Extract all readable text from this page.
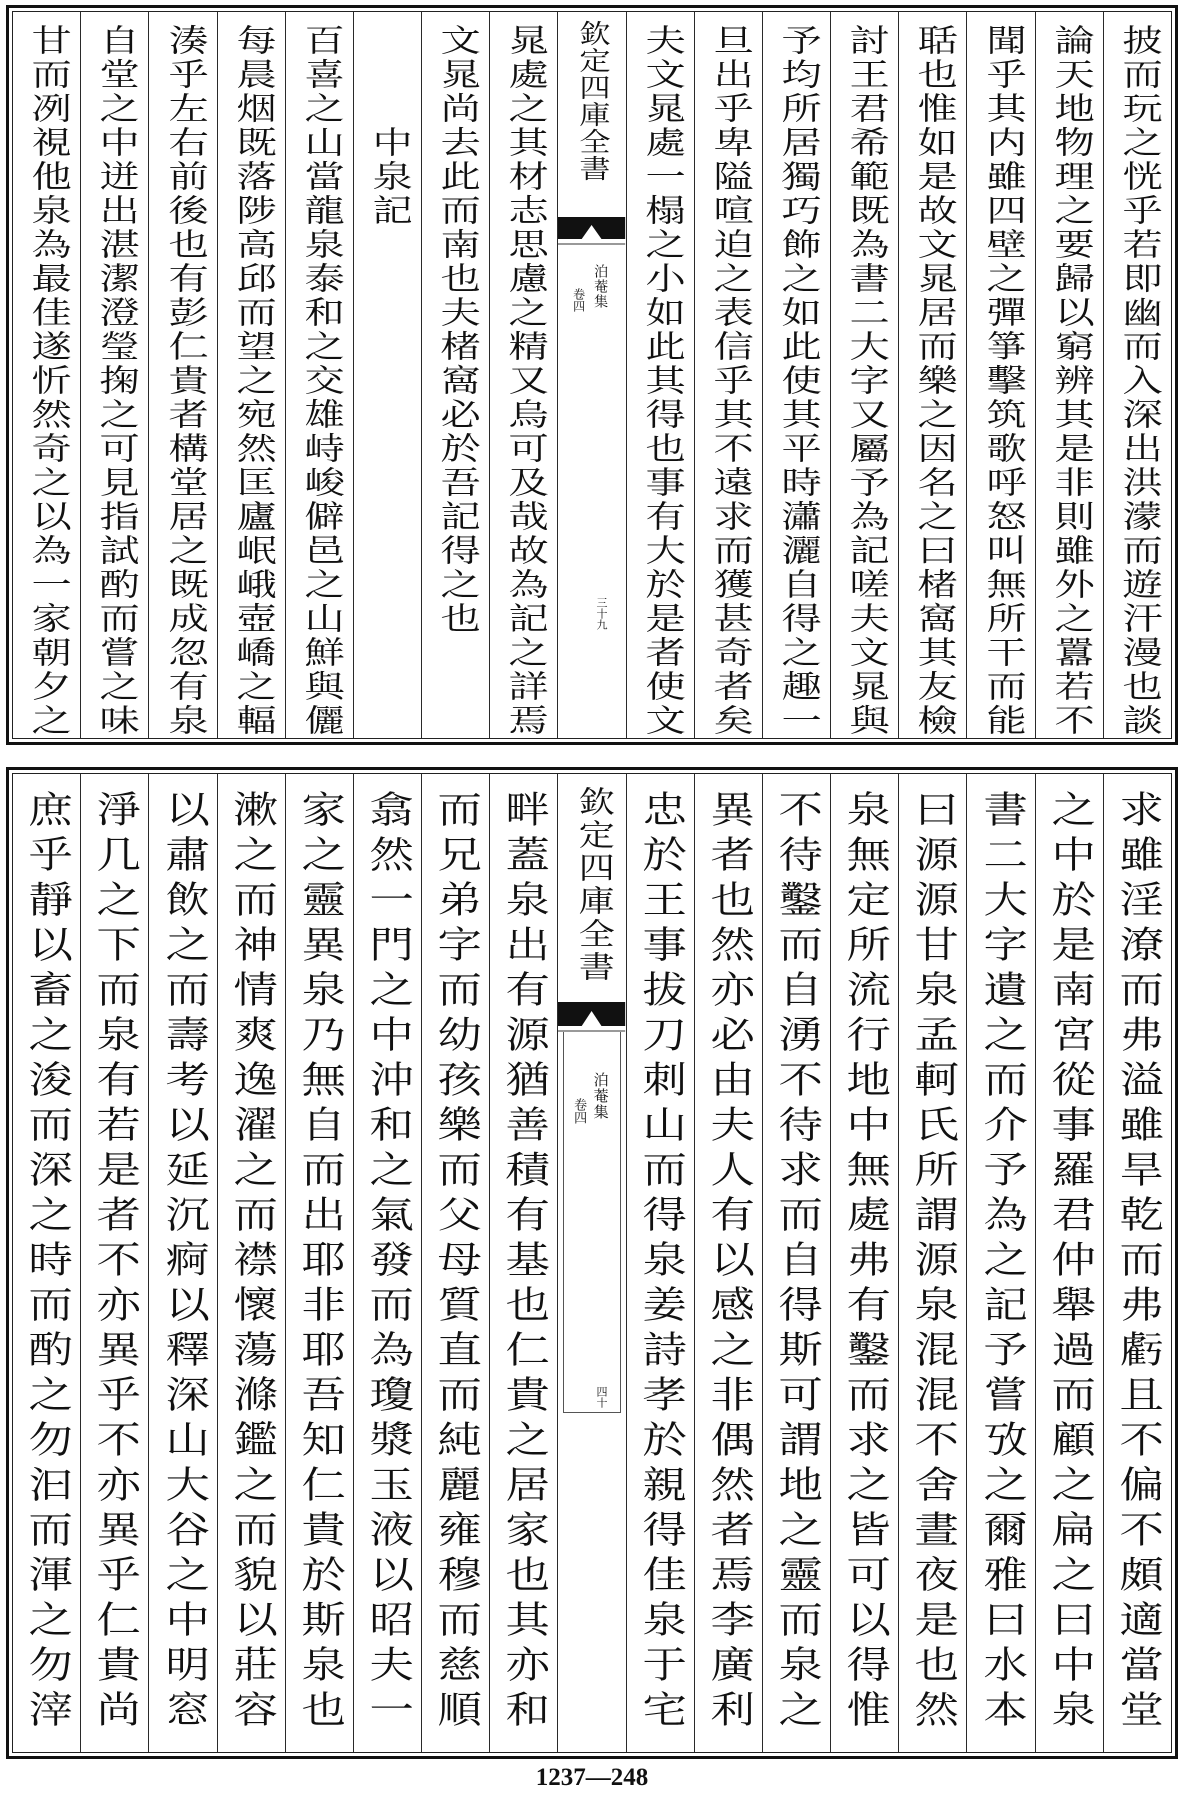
披而玩之恍乎若即幽而入深出洪濛而遊汗漫也談
論天地物理之要歸以窮辨其是非則雖外之囂若不
聞乎其内雖四壁之彈箏擊筑歌呼怒叫無所干而能
聒也惟如是故文晁居而樂之因名之曰楮窩其友檢
討王君希範既為書二大字又屬予為記嗟夫文晁與
予均所居獨巧飾之如此使其平時瀟灑自得之趣一
旦出乎卑隘喧迫之表信乎其不遠求而獲甚奇者矣
夫文晁處一榻之小如此其得也事有大於是者使文
欽定四庫全書
泊菴集
卷四
三十九
晁處之其材志思慮之精又烏可及哉故為記之詳焉
文晁尚去此而南也夫楮窩必於吾記得之也
中泉記
百喜之山當龍泉泰和之交雄峙峻僻邑之山鮮與儷
每晨烟既落陟高邱而望之宛然匡廬岷峨壺嶠之輻
湊乎左右前後也有彭仁貴者構堂居之既成忽有泉
自堂之中迸出湛潔澄瑩掬之可見指試酌而嘗之味
甘而冽視他泉為最佳遂忻然奇之以為一家朝夕之
求雖淫潦而弗溢雖旱乾而弗虧且不偏不頗適當堂
之中於是南宮從事羅君仲舉過而顧之扁之曰中泉
書二大字遺之而介予為之記予嘗攷之爾雅曰水本
曰源源甘泉孟軻氏所謂源泉混混不舍晝夜是也然
泉無定所流行地中無處弗有鑿而求之皆可以得惟
不待鑿而自湧不待求而自得斯可謂地之靈而泉之
異者也然亦必由夫人有以感之非偶然者焉李廣利
忠於王事拔刀刺山而得泉姜詩孝於親得佳泉于宅
欽定四庫全書
泊菴集
卷四
四十
畔蓋泉出有源猶善積有基也仁貴之居家也其亦和
而兄弟字而幼孩樂而父母質直而純麗雍穆而慈順
翕然一門之中沖和之氣發而為瓊漿玉液以昭夫一
家之靈異泉乃無自而出耶非耶吾知仁貴於斯泉也
漱之而神情爽逸濯之而襟懷蕩滌鑑之而貌以莊容
以肅飲之而壽考以延沉痾以釋深山大谷之中明窓
淨几之下而泉有若是者不亦異乎不亦異乎仁貴尚
庶乎靜以畜之浚而深之時而酌之勿汩而渾之勿滓
1237—248
